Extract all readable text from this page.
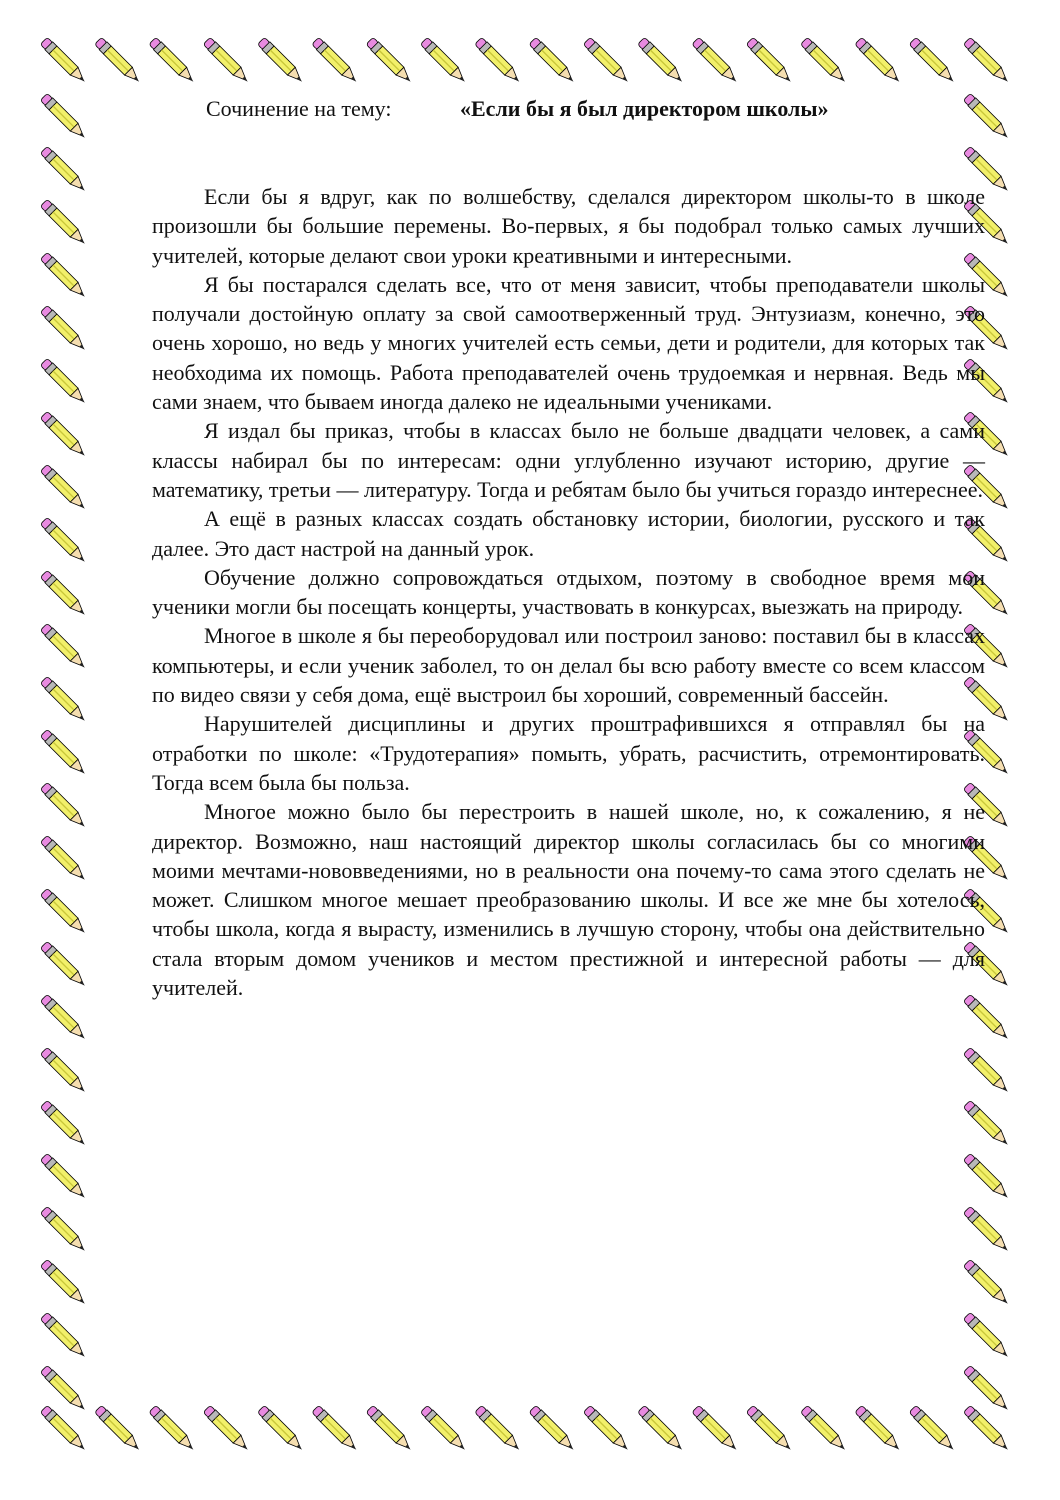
Сочинение на тему:	«Если бы я был директором школы»

Если бы я вдруг, как по волшебству, сделался директором школы-то в школе произошли бы большие перемены. Во-первых, я бы подобрал только самых лучших учителей, которые делают свои уроки креативными и интересными.

Я бы постарался сделать все, что от меня зависит, чтобы преподаватели школы получали достойную оплату за свой самоотверженный труд. Энтузиазм, конечно, это очень хорошо, но ведь у многих учителей есть семьи, дети и родители, для которых так необходима их помощь. Работа преподавателей очень трудоемкая и нервная. Ведь мы сами знаем, что бываем иногда далеко не идеальными учениками.

Я издал бы приказ, чтобы в классах было не больше двадцати человек, а сами классы набирал бы по интересам: одни углубленно изучают историю, другие — математику, третьи — литературу. Тогда и ребятам было бы учиться гораздо интереснее.

А ещё в разных классах создать обстановку истории, биологии, русского и так далее. Это даст настрой на данный урок.

Обучение должно сопровождаться отдыхом, поэтому в свободное время мои ученики могли бы посещать концерты, участвовать в конкурсах, выезжать на природу.

Многое в школе я бы переоборудовал или построил заново: поставил бы в классах компьютеры, и если ученик заболел, то он делал бы всю работу вместе со всем классом по видео связи у себя дома, ещё выстроил бы хороший, современный бассейн.

Нарушителей дисциплины и других проштрафившихся я отправлял бы на отработки по школе: «Трудотерапия» помыть, убрать, расчистить, отремонтировать. Тогда всем была бы польза.

Многое можно было бы перестроить в нашей школе, но, к сожалению, я не директор. Возможно, наш настоящий директор школы согласилась бы со многими моими мечтами-нововведениями, но в реальности она почему-то сама этого сделать не может. Слишком многое мешает преобразованию школы. И все же мне бы хотелось, чтобы школа, когда я вырасту, изменились в лучшую сторону, чтобы она действительно стала вторым домом учеников и местом престижной и интересной работы — для учителей.
